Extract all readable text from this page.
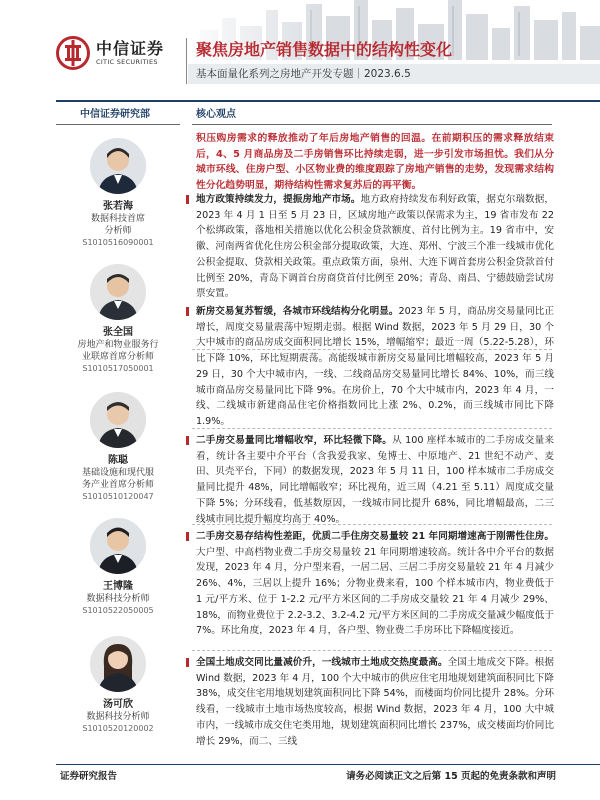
中信证券
CITIC SECURITIES
聚焦房地产销售数据中的结构性变化
基本面量化系列之房地产开发专题｜2023.6.5
中信证券研究部
张若海
数据科技首席
分析师
S1010516090001
张全国
房地产和物业服务行
业联席首席分析师
S1010517050001
陈聪
基础设施和现代服
务产业首席分析师
S1010510120047
王博隆
数据科技分析师
S1010522050005
汤可欣
数据科技分析师
S1010520120002
核心观点
积压购房需求的释放推动了年后房地产销售的回温。在前期积压的需求释放结束后，4、5 月商品房及二手房销售环比持续走弱，进一步引发市场担忧。我们从分城市环线、住房户型、小区物业费的维度跟踪了房地产销售的走势，发现需求结构性分化趋势明显，期待结构性需求复苏后的再平衡。
地方政策持续发力，提振房地产市场。地方政府持续发布利好政策，据克尔瑞数据，2023 年 4 月 1 日至 5 月 23 日，区域房地产政策以保需求为主，19 省市发布 22 个松绑政策，落地相关措施以优化公积金贷款额度、首付比例为主。19 省市中，安徽、河南两省优化住房公积金部分提取政策，大连、郑州、宁波三个准一线城市优化公积金提取、贷款相关政策。重点政策方面，泉州、大连下调首套房公积金贷款首付比例至 20%，青岛下调首台房商贷首付比例至 20%；青岛、南昌、宁德鼓励尝试房票安置。
新房交易复苏暂缓，各城市环线结构分化明显。2023 年 5 月，商品房交易量同比正增长，周度交易量震荡中短期走弱。根据 Wind 数据，2023 年 5 月 29 日，30 个大中城市的商品房成交面积同比增长 15%，增幅缩窄；最近一周（5.22-5.28），环比下降 10%，环比短期震荡。高能级城市新房交易量同比增幅较高，2023 年 5 月 29 日，30 个大中城市内，一线、二线商品房交易量同比增长 84%、10%，而三线城市商品房交易量同比下降 9%。在房价上，70 个大中城市内，2023 年 4 月，一线、二线城市新建商品住宅价格指数同比上涨 2%、0.2%，而三线城市同比下降 1.9%。
二手房交易量同比增幅收窄，环比轻微下降。从 100 座样本城市的二手房成交量来看，统计各主要中介平台（含我爱我家、兔博士、中原地产、21 世纪不动产、麦田、贝壳平台，下同）的数据发现，2023 年 5 月 11 日，100 样本城市二手房成交量同比提升 48%，同比增幅收窄；环比视角，近三周（4.21 至 5.11）周度成交量下降 5%；分环线看，低基数原因，一线城市同比提升 68%，同比增幅最高，二三线城市同比提升幅度均高于 40%。
二手房交易存结构性差距，优质二手住房交易量较 21 年同期增速高于刚需性住房。大户型、中高档物业费二手房交易量较 21 年同期增速较高。统计各中介平台的数据发现，2023 年 4 月，分户型来看，一居二居、三居二手房交易量较 21 年 4 月减少 26%、4%，三居以上提升 16%；分物业费来看，100 个样本城市内，物业费低于 1 元/平方米、位于 1-2.2 元/平方米区间的二手房成交量较 21 年 4 月减少 29%、18%，而物业费位于 2.2-3.2、3.2-4.2 元/平方米区间的二手房成交量减少幅度低于 7%。环比角度，2023 年 4 月，各户型、物业费二手房环比下降幅度接近。
全国土地成交同比量减价升，一线城市土地成交热度最高。全国土地成交下降。根据 Wind 数据，2023 年 4 月，100 个大中城市的供应住宅用地规划建筑面积同比下降 38%，成交住宅用地规划建筑面积同比下降 54%，而楼面均价同比提升 28%。分环线看，一线城市土地市场热度较高，根据 Wind 数据，2023 年 4 月，100 大中城市内，一线城市成交住宅类用地，规划建筑面积同比增长 237%，成交楼面均价同比增长 29%，而二、三线
证券研究报告	请务必阅读正文之后第 15 页起的免责条款和声明
